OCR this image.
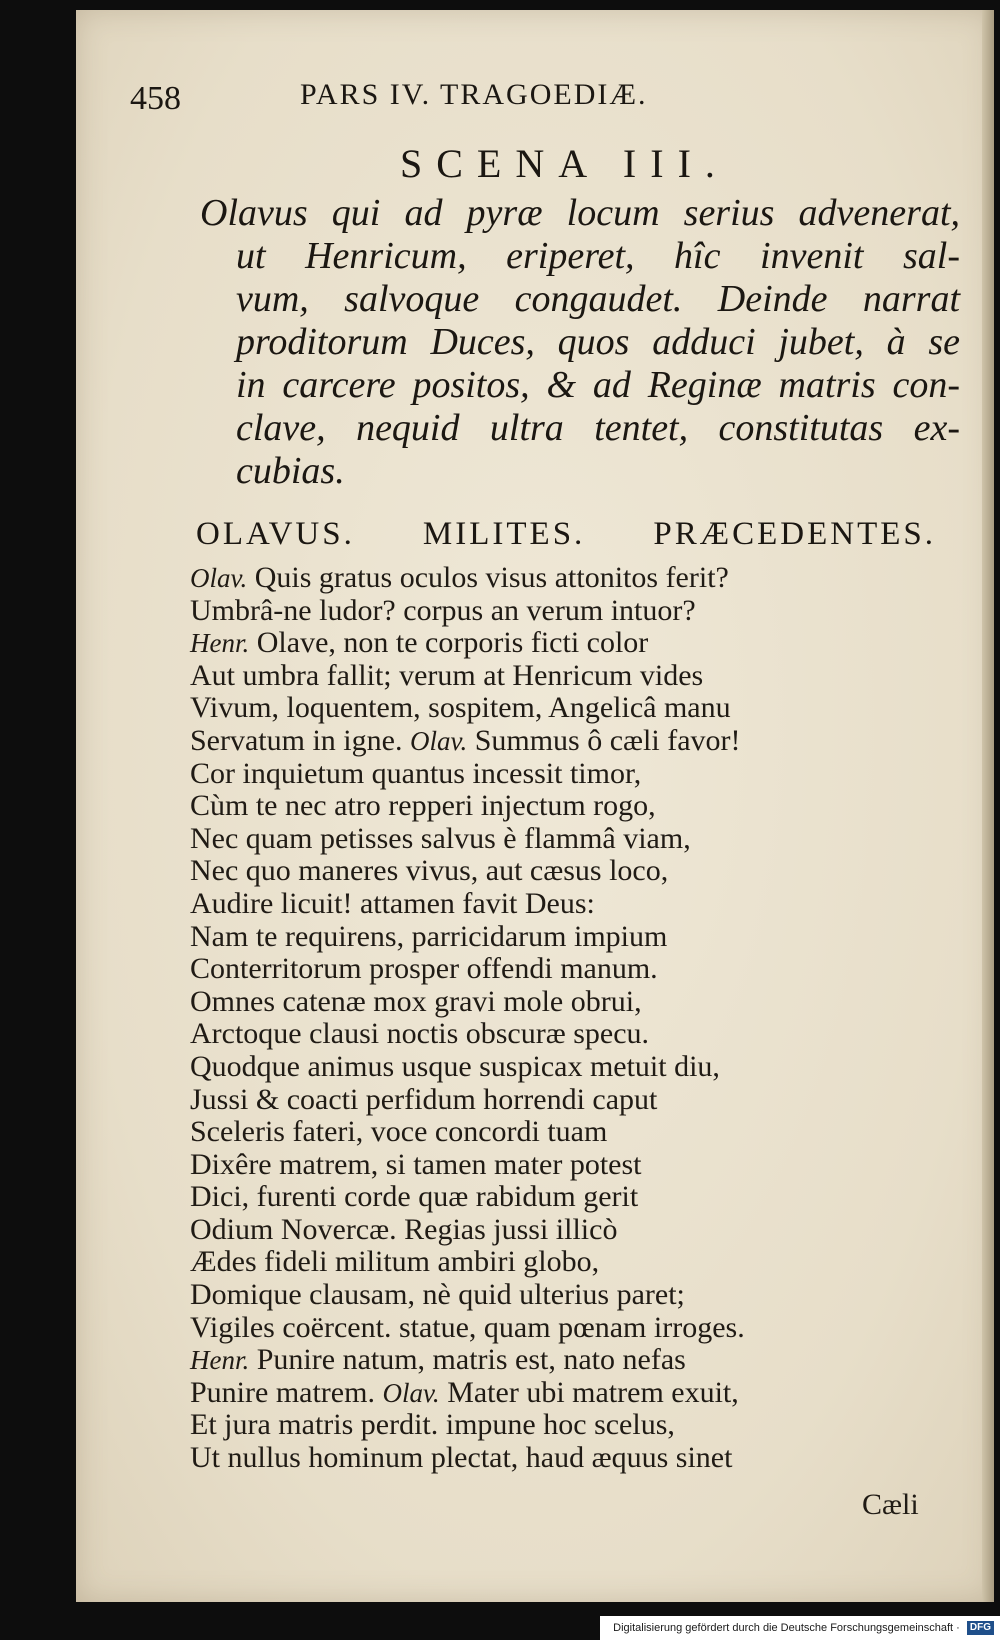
458	PARS IV. TRAGOEDIÆ.
SCENA III.
Olavus qui ad pyræ locum serius advenerat,
ut Henricum, eriperet, hîc invenit sal-
vum, salvoque congaudet. Deinde narrat
proditorum Duces, quos adduci jubet, à se
in carcere positos, & ad Reginæ matris con-
clave, nequid ultra tentet, constitutas ex-
cubias.
OLAVUS. MILITES. PRÆCEDENTES.
Olav. Quis gratus oculos visus attonitos ferit?
Umbrâ-ne ludor? corpus an verum intuor?
Henr. Olave, non te corporis ficti color
Aut umbra fallit; verum at Henricum vides
Vivum, loquentem, sospitem, Angelicâ manu
Servatum in igne. Olav. Summus ô cæli favor!
Cor inquietum quantus incessit timor,
Cùm te nec atro repperi injectum rogo,
Nec quam petisses salvus è flammâ viam,
Nec quo maneres vivus, aut cæsus loco,
Audire licuit! attamen favit Deus:
Nam te requirens, parricidarum impium
Conterritorum prosper offendi manum.
Omnes catenæ mox gravi mole obrui,
Arctoque clausi noctis obscuræ specu.
Quodque animus usque suspicax metuit diu,
Jussi & coacti perfidum horrendi caput
Sceleris fateri, voce concordi tuam
Dixêre matrem, si tamen mater potest
Dici, furenti corde quæ rabidum gerit
Odium Novercæ. Regias jussi illicò
Ædes fideli militum ambiri globo,
Domique clausam, nè quid ulterius paret;
Vigiles coërcent. statue, quam pœnam irroges.
Henr. Punire natum, matris est, nato nefas
Punire matrem. Olav. Mater ubi matrem exuit,
Et jura matris perdit. impune hoc scelus,
Ut nullus hominum plectat, haud æquus sinet
Cæli
Digitalisierung gefördert durch die Deutsche Forschungsgemeinschaft · DFG
